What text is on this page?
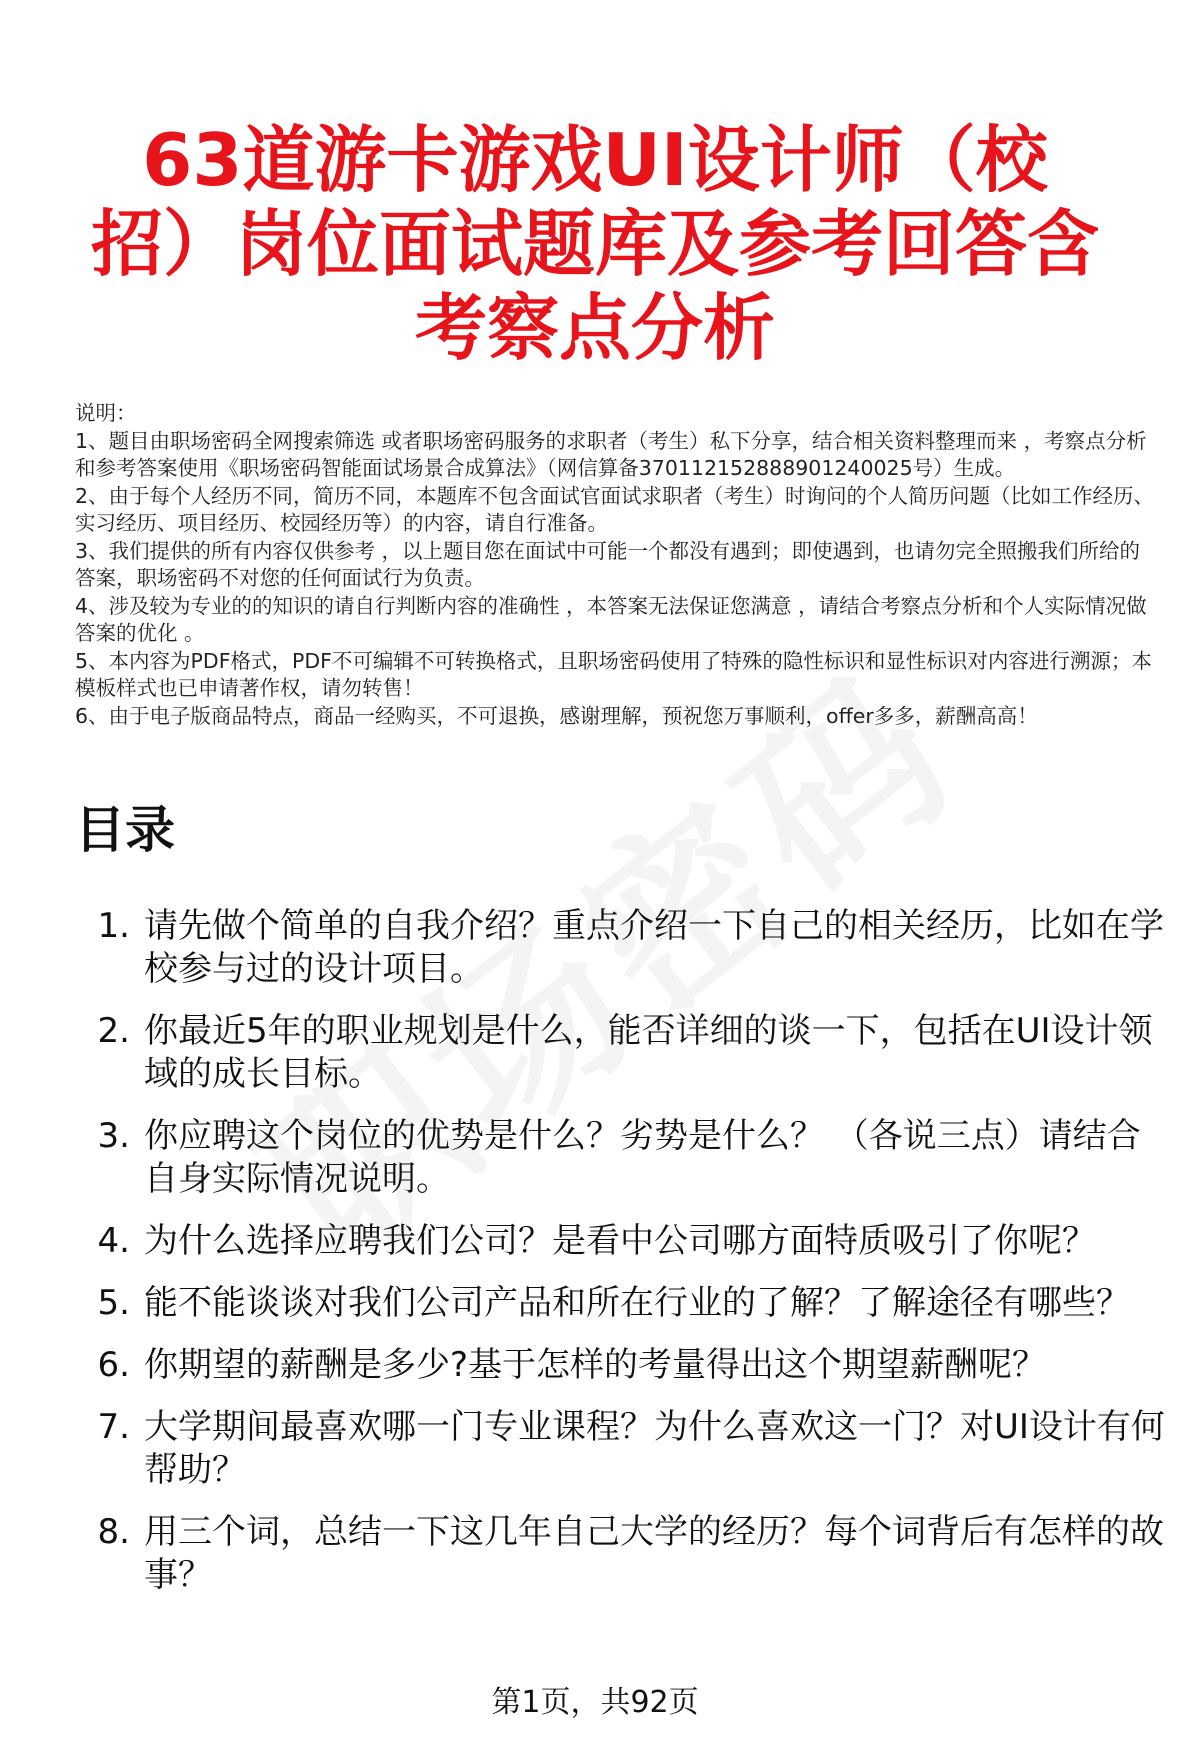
63道游卡游戏UI设计师（校招）岗位面试题库及参考回答含考察点分析

说明：

1、题目由职场密码全网搜索筛选 或者职场密码服务的求职者（考生）私下分享，结合相关资料整理而来 ，考察点分析和参考答案使用《职场密码智能面试场景合成算法》（网信算备370112152888901240025号）生成。

2、由于每个人经历不同，简历不同，本题库不包含面试官面试求职者（考生）时询问的个人简历问题（比如工作经历、实习经历、项目经历、校园经历等）的内容，请自行准备。

3、我们提供的所有内容仅供参考 ，以上题目您在面试中可能一个都没有遇到；即使遇到，也请勿完全照搬我们所给的答案，职场密码不对您的任何面试行为负责。

4、涉及较为专业的的知识的请自行判断内容的准确性 ，本答案无法保证您满意 ，请结合考察点分析和个人实际情况做答案的优化 。

5、本内容为PDF格式，PDF不可编辑不可转换格式，且职场密码使用了特殊的隐性标识和显性标识对内容进行溯源；本模板样式也已申请著作权，请勿转售！

6、由于电子版商品特点，商品一经购买，不可退换，感谢理解，预祝您万事顺利，offer多多，薪酬高高！

目录
1. 请先做个简单的自我介绍？重点介绍一下自己的相关经历，比如在学校参与过的设计项目。
2. 你最近5年的职业规划是什么，能否详细的谈一下，包括在UI设计领域的成长目标。
3. 你应聘这个岗位的优势是什么？劣势是什么？ （各说三点）请结合自身实际情况说明。
4. 为什么选择应聘我们公司？是看中公司哪方面特质吸引了你呢？
5. 能不能谈谈对我们公司产品和所在行业的了解？了解途径有哪些？
6. 你期望的薪酬是多少?基于怎样的考量得出这个期望薪酬呢？
7. 大学期间最喜欢哪一门专业课程？为什么喜欢这一门？对UI设计有何帮助？
8. 用三个词，总结一下这几年自己大学的经历？每个词背后有怎样的故事？
第1页，共92页
